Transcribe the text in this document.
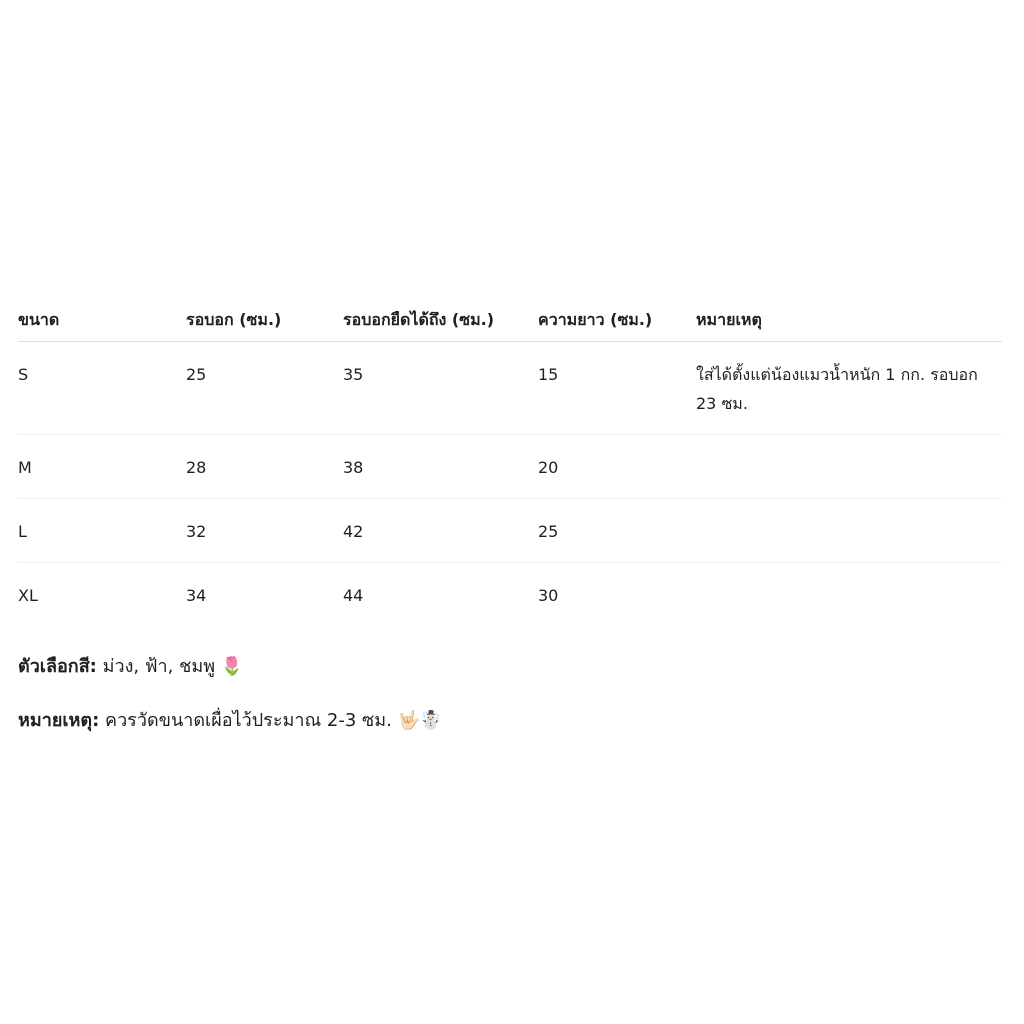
ขนาด	รอบอก (ซม.)	รอบอกยืดได้ถึง (ซม.)	ความยาว (ซม.)	หมายเหตุ
S	25	35	15	ใส่ได้ตั้งแต่น้องแมวน้ำหนัก 1 กก. รอบอก 23 ซม.
M	28	38	20	
L	32	42	25	
XL	34	44	30	

ตัวเลือกสี: ม่วง, ฟ้า, ชมพู 🌷

หมายเหตุ: ควรวัดขนาดเผื่อไว้ประมาณ 2-3 ซม. 🤟🏻☃️
